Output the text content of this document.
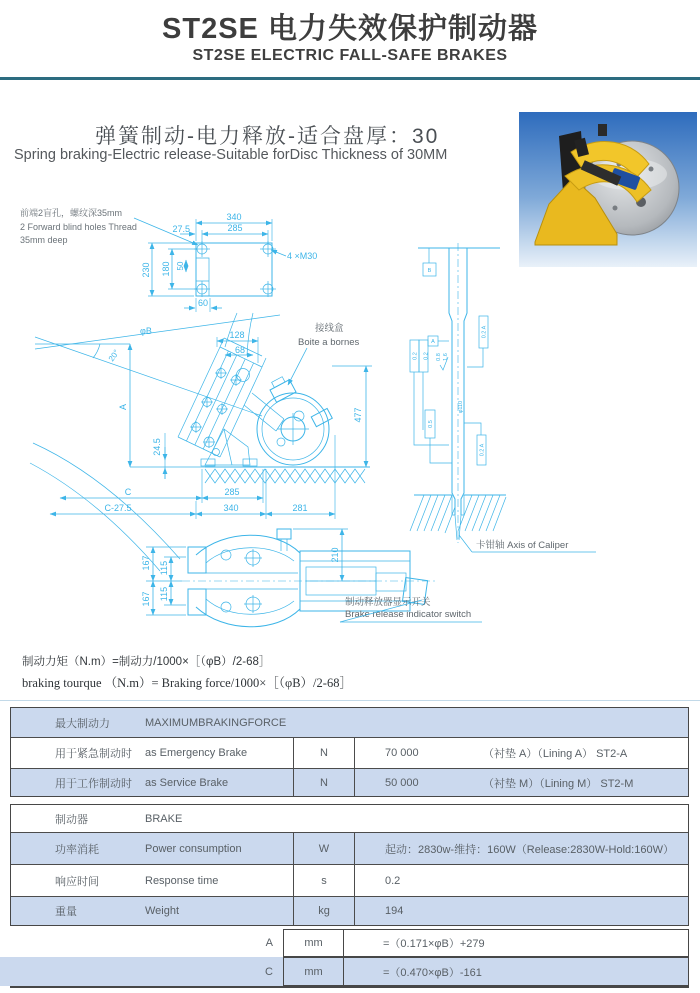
ST2SE 电力失效保护制动器
ST2SE ELECTRIC FALL-SAFE BRAKES
弹簧制动-电力释放-适合盘厚：30
Spring braking-Electric release-Suitable forDisc Thickness of 30MM
前端2盲孔，螺纹深35mm
2 Forward blind holes Thread
35mm deep
340
285
27.5
230 180 50
60
4 ×M30
φB
20°
128
68
接线盒
Boite a bornes
A
24.5
477
285
C
C-27.5	340	281
167 115
115
167
210
制动释放器显示开关
Brake release indicator switch
B
φ110
0.2 0.2
A
0.2 A
0.5
0.2 A
0.8 1.6
卡钳轴 Axis of Caliper
制动力矩（N.m）=制动力/1000×［（φB）/2-68］
braking tourque （N.m）= Braking force/1000×［（φB）/2-68］
最大制动力	MAXIMUMBRAKINGFORCE
用于紧急制动时	as Emergency Brake	N	70 000	（衬垫 A）（Lining A） ST2-A
用于工作制动时	as Service Brake	N	50 000	（衬垫 M）（Lining M） ST2-M
制动器	BRAKE
功率消耗	Power consumption	W	起动：2830w-维持：160W（Release:2830W-Hold:160W）
响应时间	Response time	s	0.2
重量	Weight	kg	194
A	mm	=（0.171×φB）+279
C	mm	=（0.470×φB）-161
